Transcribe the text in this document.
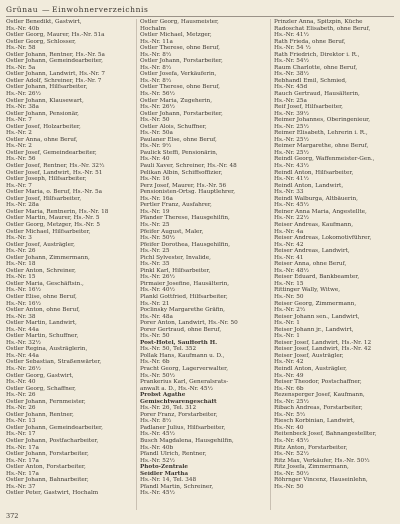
Grünau — Einwohnerverzeichnis
Ostler Benedikt, Gastwirt,
Hs.-Nr. 40b
Ostler Georg, Maurer, Hs.-Nr. 51a
Ostler Georg, Schlosser,
Hs.-Nr. 58
Ostler Johann, Rentner, Hs.-Nr. 5a
Ostler Johann, Gemeindearbeiter,
Hs.-Nr. 5a
Ostler Johann, Landwirt, Hs.-Nr. 7
Ostler Adolf, Schreiner, Hs.-Nr. 7
Ostler Johann, Hilfsarbeiter,
Hs.-Nr. 26½
Ostler Johann, Klausewart,
Hs.-Nr. 38a
Ostler Johann, Pensionär,
Hs.-Nr. 7
Ostler Josef, Holzarbeiter,
Hs.-Nr. 2
Ostler Anna, ohne Beruf,
Hs.-Nr. 2
Ostler Josef, Gemeindearbeiter,
Hs.-Nr. 56
Ostler Josef, Rentner, Hs.-Nr. 32½
Ostler Josef, Landwirt, Hs.-Nr. 51
Ostler Joseph, Hilfsarbeiter,
Hs.-Nr. 7
Ostler Maria, o. Beruf, Hs.-Nr. 5a
Ostler Josef, Hilfsarbeiter,
Hs.-Nr. 28a
Ostler Maria, Rentnerin, Hs.-Nr. 18
Ostler Martin, Maurer, Hs.-Nr. 5
Ostler Georg, Metzger, Hs.-Nr. 5
Ostler Michael, Hilfsarbeiter,
Hs.-Nr. 3
Ostler Josef, Austrägler,
Hs.-Nr. 26
Ostler Johann, Zimmermann,
Hs.-Nr. 18
Ostler Anton, Schreiner,
Hs.-Nr. 15
Ostler Maria, Geschäftsin.,
Hs.-Nr. 16½
Ostler Elise, ohne Beruf,
Hs.-Nr. 16½
Ostler Anton, ohne Beruf,
Hs.-Nr. 38
Ostler Martin, Landwirt,
Hs.-Nr. 44a
Ostler Martin, Schuffner,
Hs.-Nr. 32½
Ostler Regina, Austräglerin,
Hs.-Nr. 44a
Ostler Sebastian, Straßenwärter,
Hs.-Nr. 26½
Ostler Georg, Gastwirt,
Hs.-Nr. 40
Ostler Georg, Schaffner,
Hs.-Nr. 26
Ostler Johann, Fernmeister,
Hs.-Nr. 26
Ostler Johann, Rentner,
Hs.-Nr. 13
Ostler Johann, Gemeindearbeiter,
Hs.-Nr. 17
Ostler Johann, Postfacharbeiter,
Hs.-Nr. 17a
Ostler Johann, Forstarbeiter,
Hs.-Nr. 17a
Ostler Anton, Forstarbeiter,
Hs.-Nr. 17a
Ostler Johann, Bahnarbeiter,
Hs.-Nr. 37
Ostler Peter, Gastwirt, Hochalm
Ostler Georg, Hausmeister,
Hochalm
Ostler Michael, Metzger,
Hs.-Nr. 11a
Ostler Therese, ohne Beruf,
Hs.-Nr. 8½
Ostler Johann, Forstarbeiter,
Hs.-Nr. 8½
Ostler Josefa, Verkäuferin,
Hs.-Nr. 8½
Ostler Therese, ohne Beruf,
Hs.-Nr. 56½
Ostler Maria, Zugeherin,
Hs.-Nr. 26½
Ostler Johann, Forstarbeiter,
Hs.-Nr. 50
Ostler Alois, Schuffner,
Hs.-Nr. 50a
Paulaner Else, ohne Beruf,
Hs.-Nr. 9½
Paulick Steffi, Pensionärin,
Hs.-Nr. 40
Pauli Xaver, Schreiner, Hs.-Nr. 48
Pelikan Albin, Schiffsoffizier,
Hs.-Nr. 16
Perz Josef, Maurer, Hs.-Nr. 56
Pensionisten-Ortsg. Hauptlehrer,
Hs.-Nr. 16a
Pertler Franz, Ausfahrer,
Hs.-Nr. 19
Pfander Therese, Hausgehilfin,
Hs.-Nr. 25
Pfeifer August, Maler,
Hs.-Nr. 50½
Pfeifer Dorothea, Hausgehilfin,
Hs.-Nr. 25
Pichl Sylvester, Invalide,
Hs.-Nr. 35
Pinkl Karl, Hilfsarbeiter,
Hs.-Nr. 26½
Pirmaier Josefine, Hausälterin,
Hs.-Nr. 40½
Plankl Gottfried, Hilfsarbeiter,
Hs.-Nr. 21
Poclinsky Margarethe Gräfin,
Hs.-Nr. 48a
Porer Anton, Landwirt, Hs.-Nr. 50
Porer Gertraud, ohne Beruf,
Hs.-Nr. 50
Post-Hotel, Saufforth H.
Hs.-Nr. 50, Tel. 352
Pollak Hans, Kaufmann u. D.,
Hs.-Nr. 6b
Pracht Georg, Lagerverwalter,
Hs.-Nr. 50½
Prankerius Karl, Generalsrats-
anwalt a. D., Hs.-Nr. 45½
Probst Agathe
Gemischtwarengeschäft
Hs.-Nr. 26, Tel. 312
Porer Franz, Forstarbeiter,
Hs.-Nr. 8½
Padlaner Julius, Hilfsarbeiter,
Hs.-Nr. 45½
Busch Magdalena, Hausgehilfin,
Hs.-Nr. 40b
Pfandl Ulrich, Rentner,
Hs.-Nr. 52½
Photo-Zentrale
Seidler Martha
Hs.-Nr. 14, Tel. 348
Pfandl Martin, Schreiner,
Hs.-Nr. 45½
Prinzler Anna, Spitzpin, Küche
Radoschat Elisabeth, ohne Beruf,
Hs.-Nr. 41½
Rath Frieda, ohne Beruf,
Hs.-Nr. 54 ½
Rath Friedrich, Direktor i. R.,
Hs.-Nr. 54½
Raum Charlotte, ohne Beruf,
Hs.-Nr. 38½
Rebhandl Emil, Schmied,
Hs.-Nr. 45d
Rauch Gertraud, Hausälterin,
Hs.-Nr. 25a
Reif Josef, Hilfsarbeiter,
Hs.-Nr. 39½
Reimer Johannes, Oberingenieur,
Hs.-Nr. 25½
Reimer Elisabeth, Lehrerin i. R.,
Hs.-Nr. 25½
Reimer Margarethe, ohne Beruf,
Hs.-Nr. 25½
Reindl Georg, Waffenmeister-Gen.,
Hs.-Nr. 43½
Reindl Anton, Hilfsarbeiter,
Hs.-Nr. 41½
Reindl Anton, Landwirt,
Hs.-Nr. 33
Reindl Walburga, Altbäuerin,
Hs.-Nr. 45½
Reiner Anna Maria, Angestellte,
Hs.-Nr. 22½
Reiser Andreas, Kaufmann,
Hs.-Nr. 4a
Reiser Andreas, Lokomotivführer,
Hs.-Nr. 42
Reiser Andreas, Landwirt,
Hs.-Nr. 41
Reiser Anna, ohne Beruf,
Hs.-Nr. 48½
Reiser Eduard, Bankbeamter,
Hs.-Nr. 15
Rittinger Wally, Witwe,
Hs.-Nr. 50
Reiser Georg, Zimmermann,
Hs.-Nr. 2½
Reiser Johann sen., Landwirt,
Hs.-Nr. 1
Reiser Johann jr., Landwirt,
Hs.-Nr. 1
Reiser Josef, Landwirt, Hs.-Nr. 12
Reiser Josef, Landwirt, Hs.-Nr. 42
Reiser Josef, Austrägler,
Hs.-Nr. 42
Reindl Anton, Austrägler,
Hs.-Nr. 49
Reiser Theodor, Postschaffner,
Hs.-Nr. 6b
Rezensperger Josef, Kaufmann,
Hs.-Nr. 25½
Ribach Andreas, Forstarbeiter,
Hs.-Nr. 5½
Riesch Korbinian, Landwirt,
Hs.-Nr. 40
Reitenbeck Josef, Bahnangestellter,
Hs.-Nr. 45½
Ritz Anton, Forstarbeiter,
Hs.-Nr. 52½
Ritz Max, Verkäufer, Hs.-Nr. 50½
Ritz Josefa, Zimmermann,
Hs.-Nr. 50½
Röhrnger Vincenz, Hauseinlehn,
Hs.-Nr. 50
372
